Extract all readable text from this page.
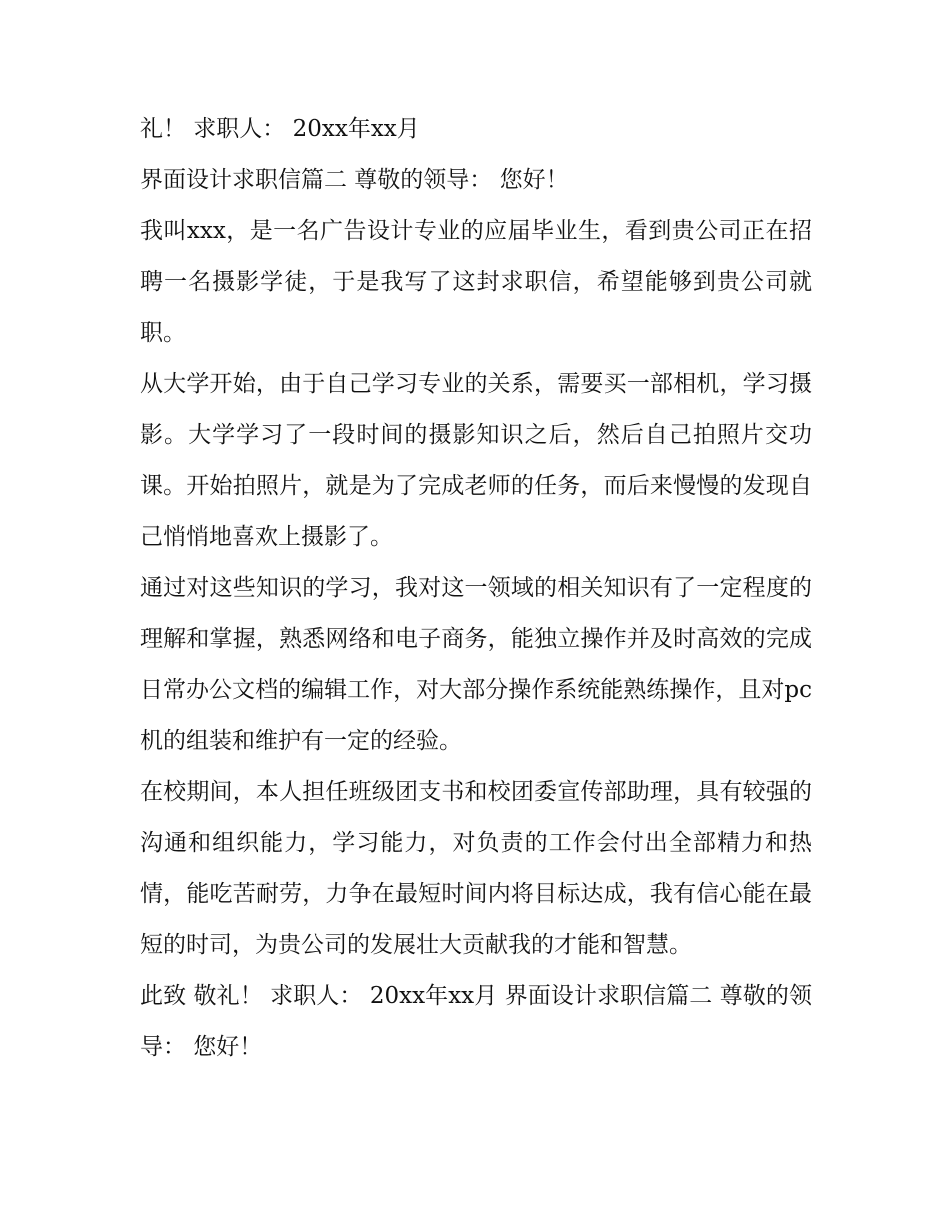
礼！ 求职人： 20xx年xx月

界面设计求职信篇二 尊敬的领导： 您好！

我叫xxx，是一名广告设计专业的应届毕业生，看到贵公司正在招聘一名摄影学徒，于是我写了这封求职信，希望能够到贵公司就职。

从大学开始，由于自己学习专业的关系，需要买一部相机，学习摄影。大学学习了一段时间的摄影知识之后，然后自己拍照片交功课。开始拍照片，就是为了完成老师的任务，而后来慢慢的发现自己悄悄地喜欢上摄影了。

通过对这些知识的学习，我对这一领域的相关知识有了一定程度的理解和掌握，熟悉网络和电子商务，能独立操作并及时高效的完成日常办公文档的编辑工作，对大部分操作系统能熟练操作，且对pc机的组装和维护有一定的经验。

在校期间，本人担任班级团支书和校团委宣传部助理，具有较强的沟通和组织能力，学习能力，对负责的工作会付出全部精力和热情，能吃苦耐劳，力争在最短时间内将目标达成，我有信心能在最短的时司，为贵公司的发展壮大贡献我的才能和智慧。

此致 敬礼！ 求职人： 20xx年xx月 界面设计求职信篇二 尊敬的领导： 您好！
